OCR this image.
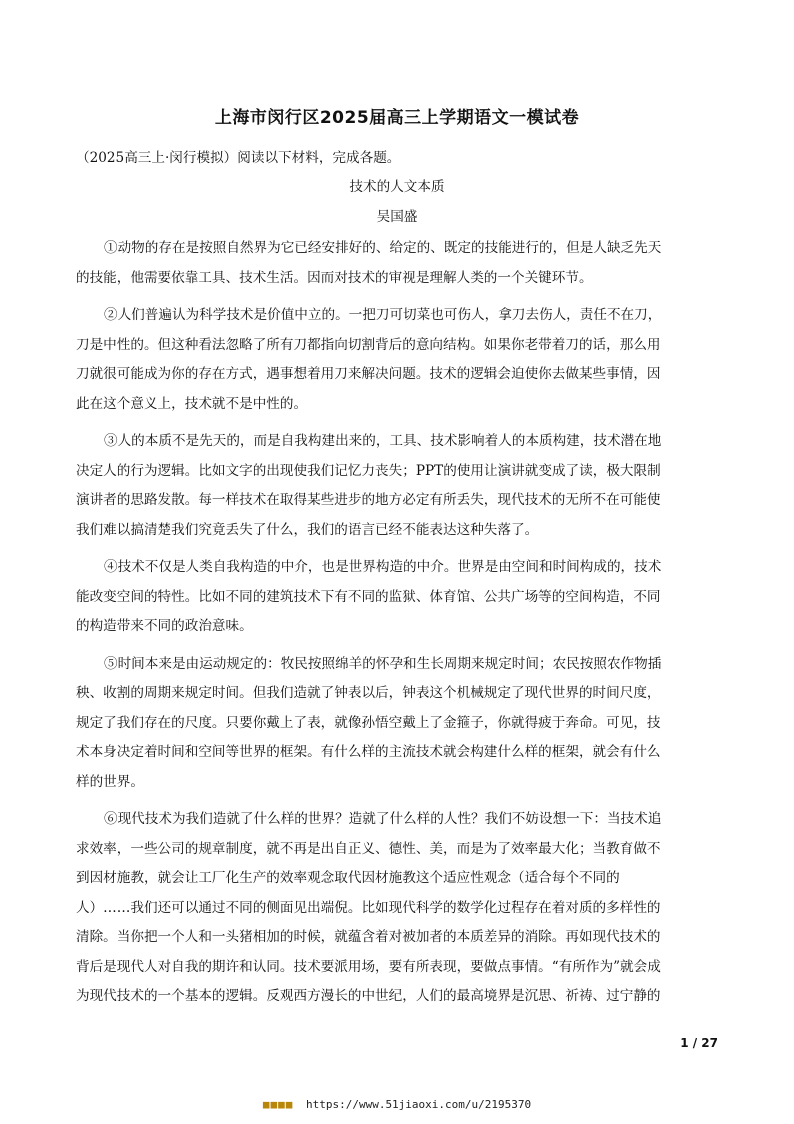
上海市闵行区2025届高三上学期语文一模试卷
（2025高三上·闵行模拟）阅读以下材料，完成各题。
技术的人文本质
吴国盛
①动物的存在是按照自然界为它已经安排好的、给定的、既定的技能进行的，但是人缺乏先天
的技能，他需要依靠工具、技术生活。因而对技术的审视是理解人类的一个关键环节。
②人们普遍认为科学技术是价值中立的。一把刀可切菜也可伤人，拿刀去伤人，责任不在刀，
刀是中性的。但这种看法忽略了所有刀都指向切割背后的意向结构。如果你老带着刀的话，那么用
刀就很可能成为你的存在方式，遇事想着用刀来解决问题。技术的逻辑会迫使你去做某些事情，因
此在这个意义上，技术就不是中性的。
③人的本质不是先天的，而是自我构建出来的，工具、技术影响着人的本质构建，技术潜在地
决定人的行为逻辑。比如文字的出现使我们记忆力丧失；PPT的使用让演讲就变成了读，极大限制
演讲者的思路发散。每一样技术在取得某些进步的地方必定有所丢失，现代技术的无所不在可能使
我们难以搞清楚我们究竟丢失了什么，我们的语言已经不能表达这种失落了。
④技术不仅是人类自我构造的中介，也是世界构造的中介。世界是由空间和时间构成的，技术
能改变空间的特性。比如不同的建筑技术下有不同的监狱、体育馆、公共广场等的空间构造，不同
的构造带来不同的政治意味。
⑤时间本来是由运动规定的：牧民按照绵羊的怀孕和生长周期来规定时间；农民按照农作物插
秧、收割的周期来规定时间。但我们造就了钟表以后，钟表这个机械规定了现代世界的时间尺度，
规定了我们存在的尺度。只要你戴上了表，就像孙悟空戴上了金箍子，你就得疲于奔命。可见，技
术本身决定着时间和空间等世界的框架。有什么样的主流技术就会构建什么样的框架，就会有什么
样的世界。
⑥现代技术为我们造就了什么样的世界？造就了什么样的人性？我们不妨设想一下：当技术追
求效率，一些公司的规章制度，就不再是出自正义、德性、美，而是为了效率最大化；当教育做不
到因材施教，就会让工厂化生产的效率观念取代因材施教这个适应性观念（适合每个不同的
人）……我们还可以通过不同的侧面见出端倪。比如现代科学的数学化过程存在着对质的多样性的
清除。当你把一个人和一头猪相加的时候，就蕴含着对被加者的本质差异的消除。再如现代技术的
背后是现代人对自我的期许和认同。技术要派用场，要有所表现，要做点事情。“有所作为”就会成
为现代技术的一个基本的逻辑。反观西方漫长的中世纪，人们的最高境界是沉思、祈祷、过宁静的
1 / 27
■■■■ https://www.51jiaoxi.com/u/2195370
